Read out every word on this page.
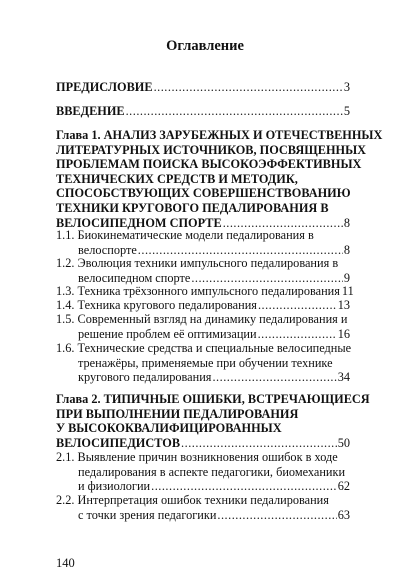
Оглавление
ПРЕДИСЛОВИЕ .....	3
ВВЕДЕНИЕ .....	5
Глава 1. АНАЛИЗ ЗАРУБЕЖНЫХ И ОТЕЧЕСТВЕННЫХ
ЛИТЕРАТУРНЫХ ИСТОЧНИКОВ, ПОСВЯЩЕННЫХ
ПРОБЛЕМАМ ПОИСКА ВЫСОКОЭФФЕКТИВНЫХ
ТЕХНИЧЕСКИХ СРЕДСТВ И МЕТОДИК,
СПОСОБСТВУЮЩИХ СОВЕРШЕНСТВОВАНИЮ
ТЕХНИКИ КРУГОВОГО ПЕДАЛИРОВАНИЯ В
ВЕЛОСИПЕДНОМ СПОРТЕ .....	8
1.1. Биокинематические модели педалирования в
велоспорте .....	8
1.2. Эволюция техники импульсного педалирования в
велосипедном спорте .....	9
1.3. Техника трёхзонного импульсного педалирования 11
1.4. Техника кругового педалирования .....	13
1.5. Современный взгляд на динамику педалирования и
решение проблем её оптимизации .....	16
1.6. Технические средства и специальные велосипедные
тренажёры, применяемые при обучении технике
кругового педалирования .....	34
Глава 2. ТИПИЧНЫЕ ОШИБКИ, ВСТРЕЧАЮЩИЕСЯ
ПРИ ВЫПОЛНЕНИИ ПЕДАЛИРОВАНИЯ
У ВЫСОКОКВАЛИФИЦИРОВАННЫХ
ВЕЛОСИПЕДИСТОВ .....	50
2.1. Выявление причин возникновения ошибок в ходе
педалирования в аспекте педагогики, биомеханики
и физиологии .....	62
2.2. Интерпретация ошибок техники педалирования
с точки зрения педагогики .....	63
140
